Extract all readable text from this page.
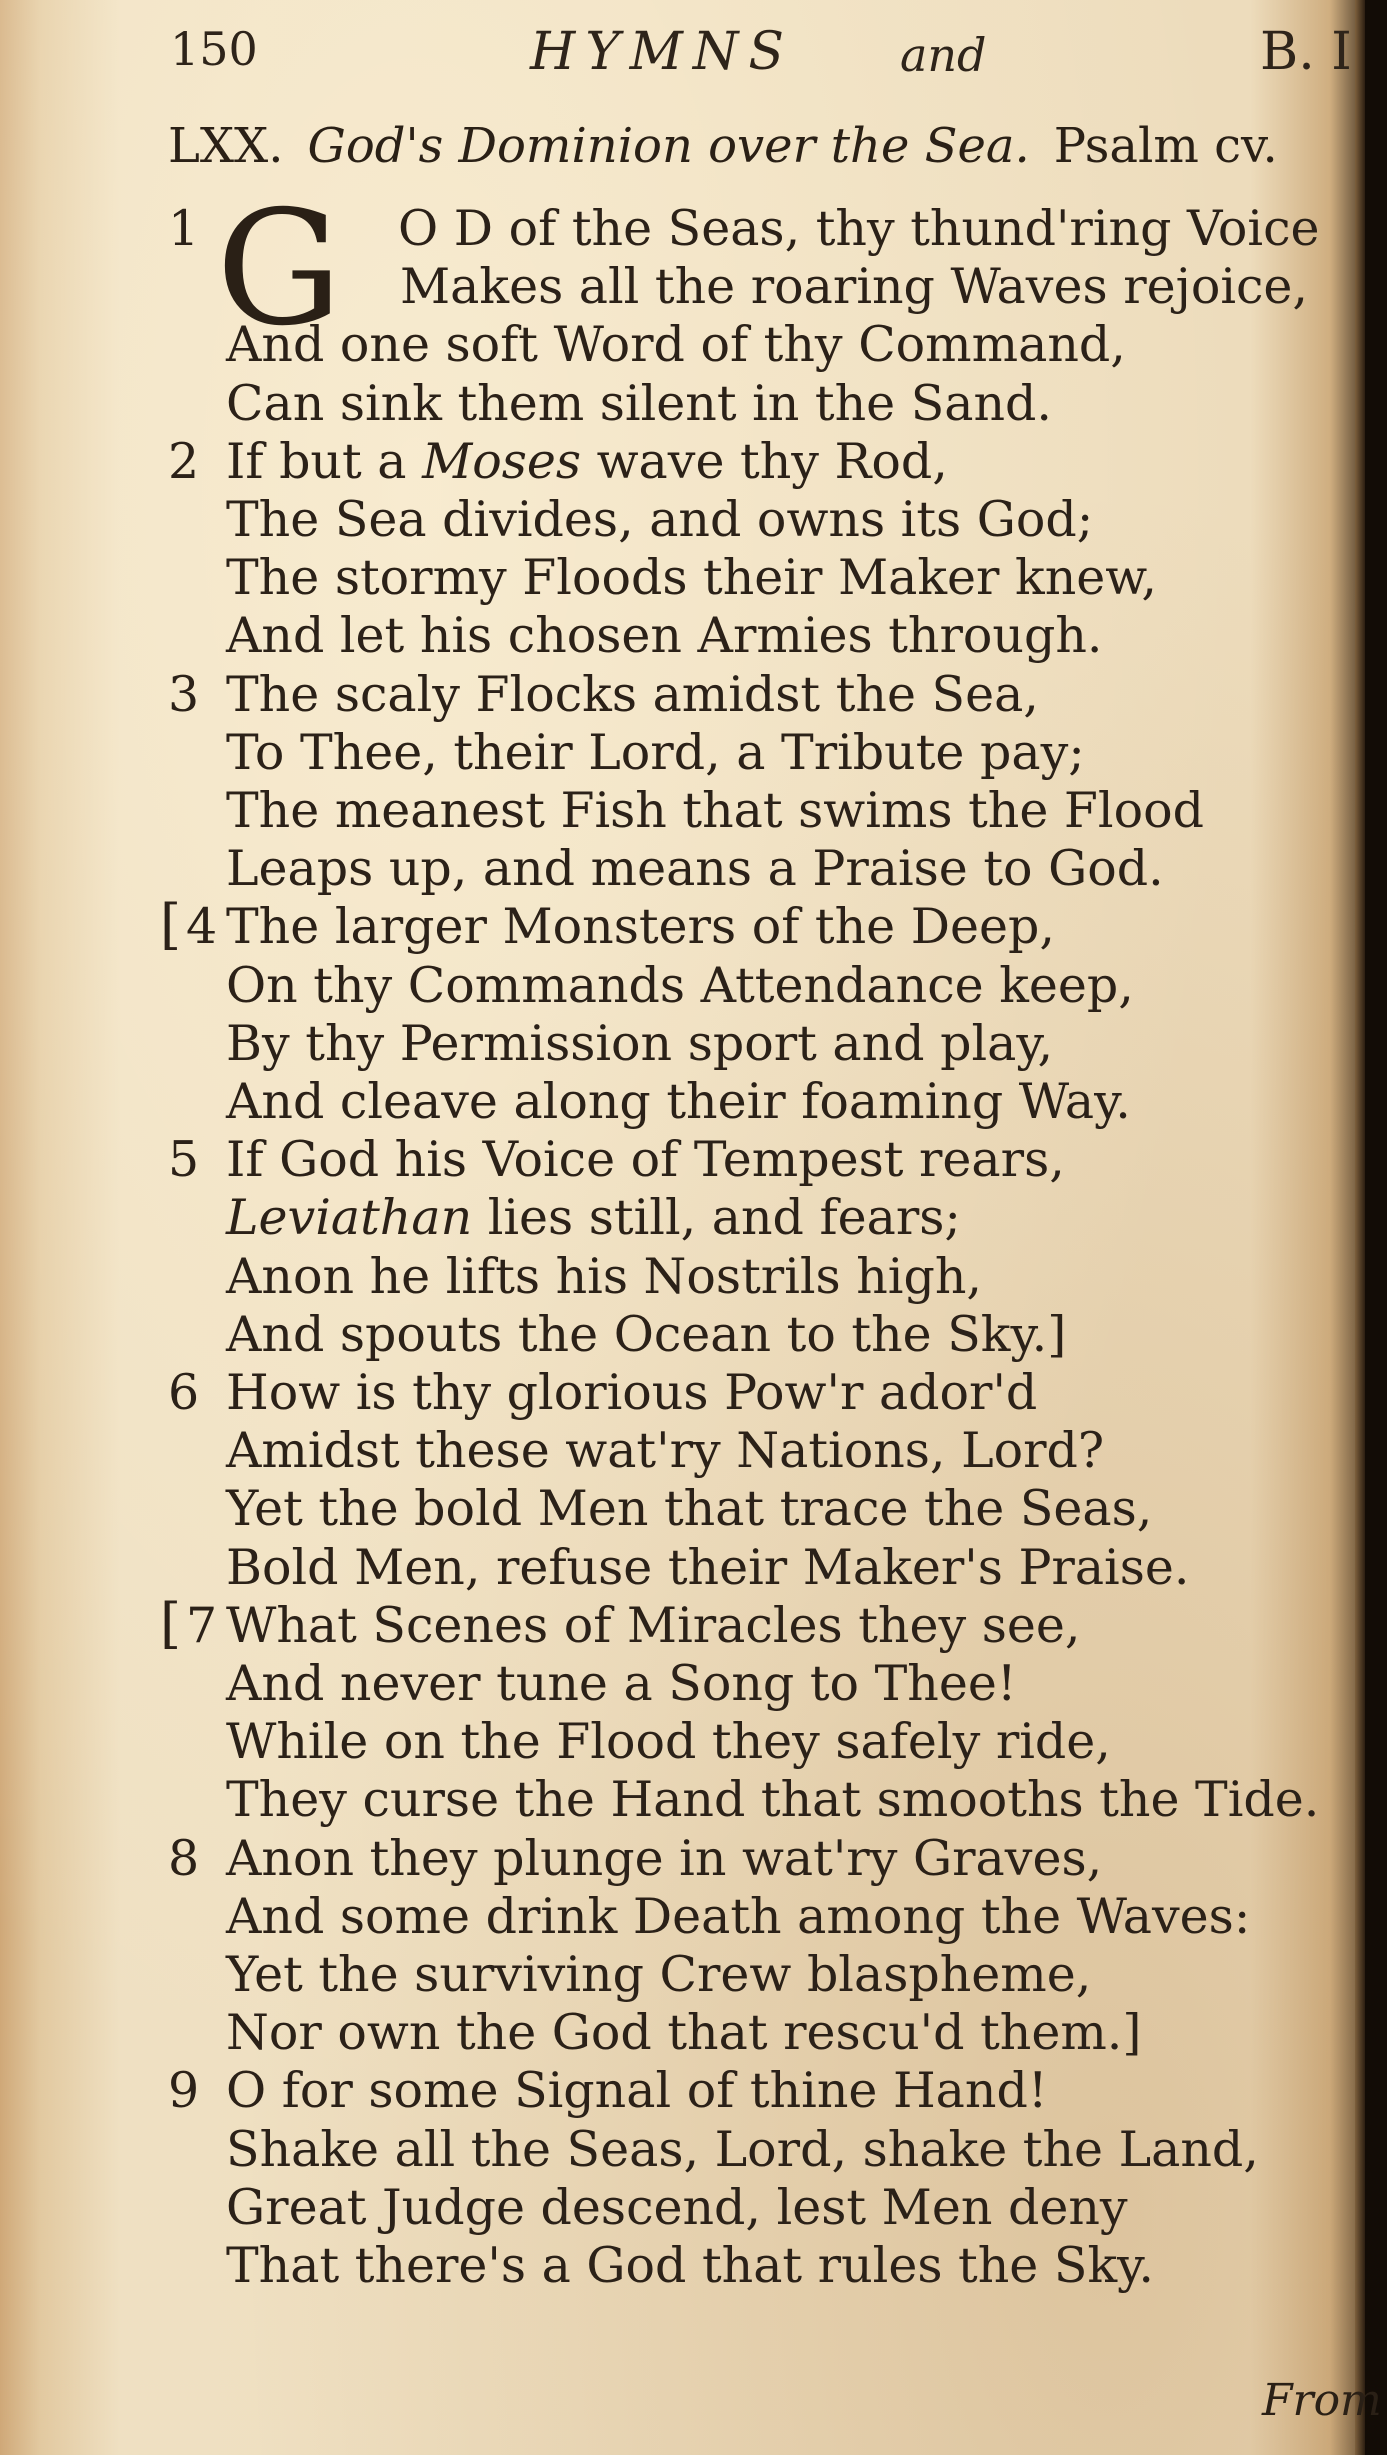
150	HYMNS and	B. I
LXX. God's Dominion over the Sea. Psalm cv.
G
1	O D of the Seas, thy thund'ring Voice
Makes all the roaring Waves rejoice,
And one soft Word of thy Command,
Can sink them silent in the Sand.
2 If but a Moses wave thy Rod,
The Sea divides, and owns its God;
The stormy Floods their Maker knew,
And let his chosen Armies through.
3 The scaly Flocks amidst the Sea,
To Thee, their Lord, a Tribute pay;
The meanest Fish that swims the Flood
Leaps up, and means a Praise to God.
4
[ The larger Monsters of the Deep,
On thy Commands Attendance keep,
By thy Permission sport and play,
And cleave along their foaming Way.
5 If God his Voice of Tempest rears,
Leviathan lies still, and fears;
Anon he lifts his Nostrils high,
And spouts the Ocean to the Sky.]
6 How is thy glorious Pow'r ador'd
Amidst these wat'ry Nations, Lord?
Yet the bold Men that trace the Seas,
Bold Men, refuse their Maker's Praise.
7
[ What Scenes of Miracles they see,
And never tune a Song to Thee!
While on the Flood they safely ride,
They curse the Hand that smooths the Tide.
8 Anon they plunge in wat'ry Graves,
And some drink Death among the Waves:
Yet the surviving Crew blaspheme,
Nor own the God that rescu'd them.]
9 O for some Signal of thine Hand!
Shake all the Seas, Lord, shake the Land,
Great Judge descend, lest Men deny
That there's a God that rules the Sky.
From
